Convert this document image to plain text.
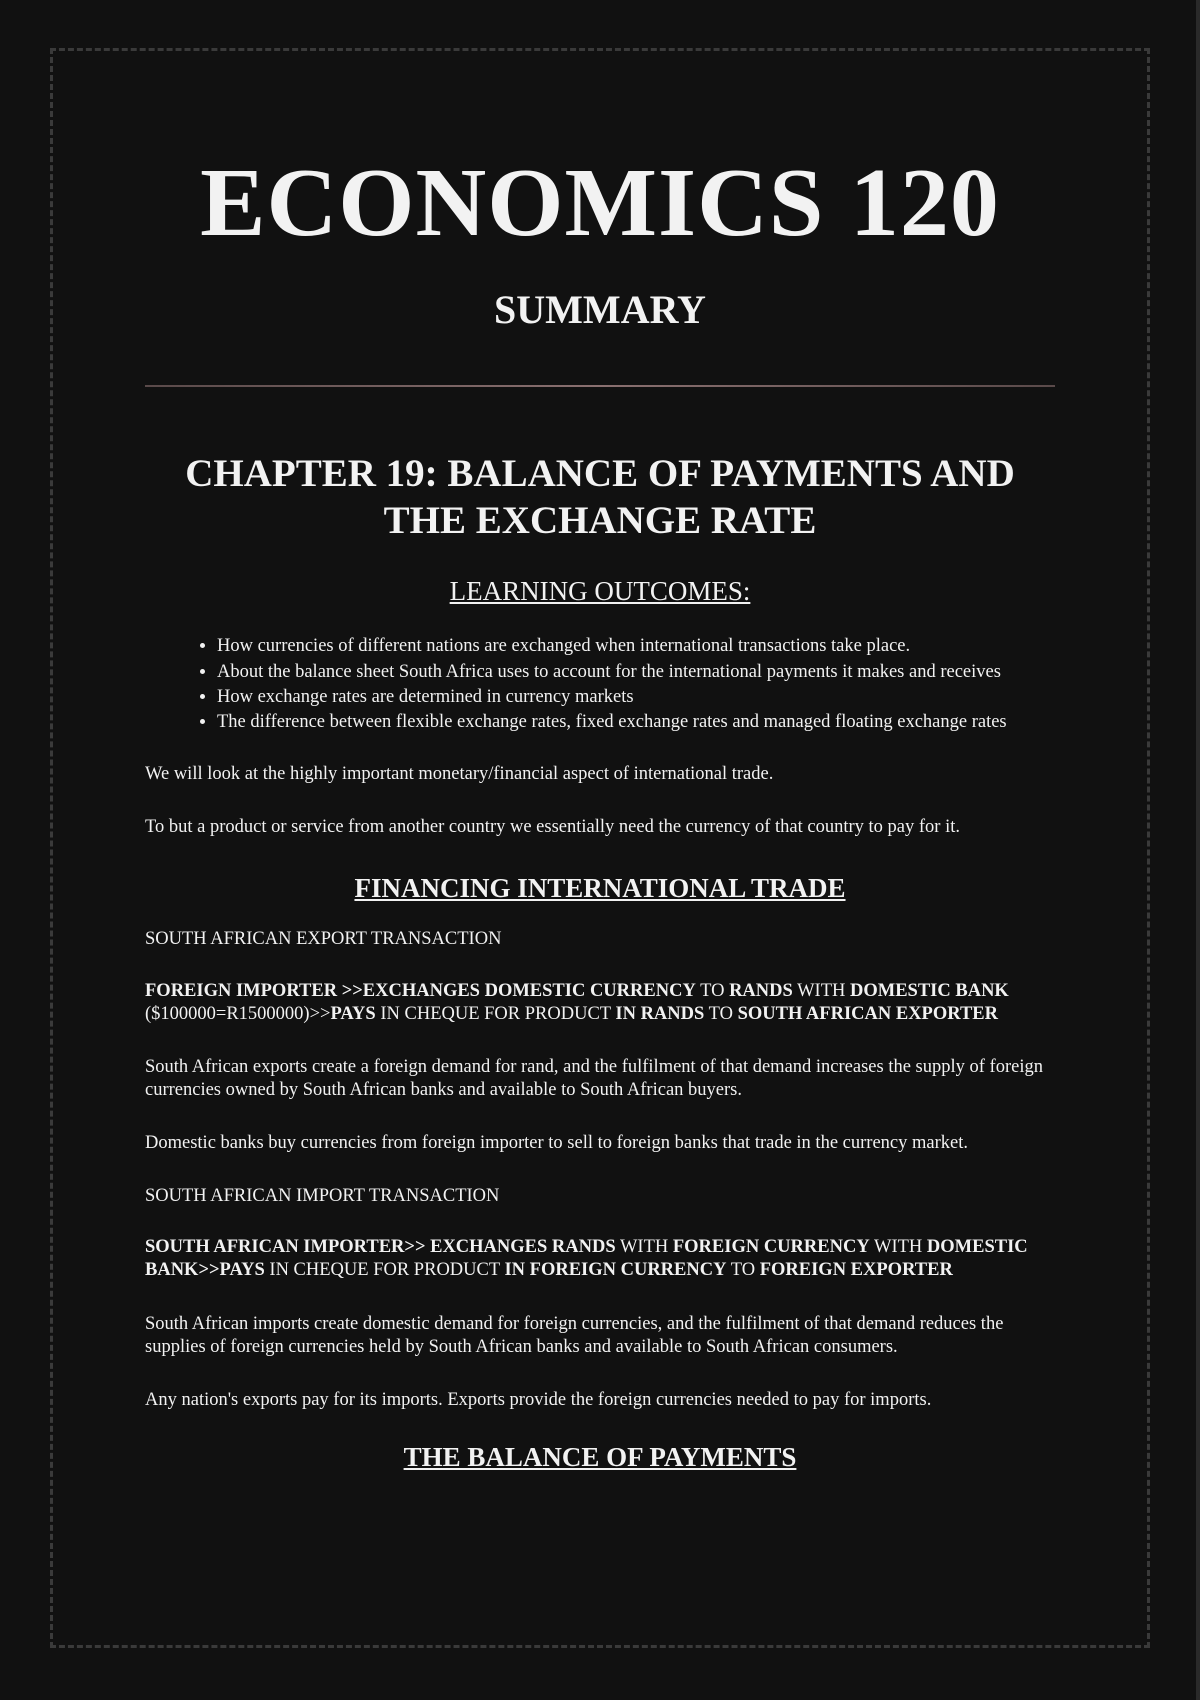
ECONOMICS 120
SUMMARY
CHAPTER 19: BALANCE OF PAYMENTS AND THE EXCHANGE RATE
LEARNING OUTCOMES:
• How currencies of different nations are exchanged when international transactions take place.
• About the balance sheet South Africa uses to account for the international payments it makes and receives
• How exchange rates are determined in currency markets
• The difference between flexible exchange rates, fixed exchange rates and managed floating exchange rates

We will look at the highly important monetary/financial aspect of international trade.

To but a product or service from another country we essentially need the currency of that country to pay for it.

FINANCING INTERNATIONAL TRADE

SOUTH AFRICAN EXPORT TRANSACTION

FOREIGN IMPORTER >>EXCHANGES DOMESTIC CURRENCY TO RANDS WITH DOMESTIC BANK ($100000=R1500000)>>PAYS IN CHEQUE FOR PRODUCT IN RANDS TO SOUTH AFRICAN EXPORTER

South African exports create a foreign demand for rand, and the fulfilment of that demand increases the supply of foreign currencies owned by South African banks and available to South African buyers.

Domestic banks buy currencies from foreign importer to sell to foreign banks that trade in the currency market.

SOUTH AFRICAN IMPORT TRANSACTION

SOUTH AFRICAN IMPORTER>> EXCHANGES RANDS WITH FOREIGN CURRENCY WITH DOMESTIC BANK>>PAYS IN CHEQUE FOR PRODUCT IN FOREIGN CURRENCY TO FOREIGN EXPORTER

South African imports create domestic demand for foreign currencies, and the fulfilment of that demand reduces the supplies of foreign currencies held by South African banks and available to South African consumers.

Any nation's exports pay for its imports. Exports provide the foreign currencies needed to pay for imports.

THE BALANCE OF PAYMENTS
